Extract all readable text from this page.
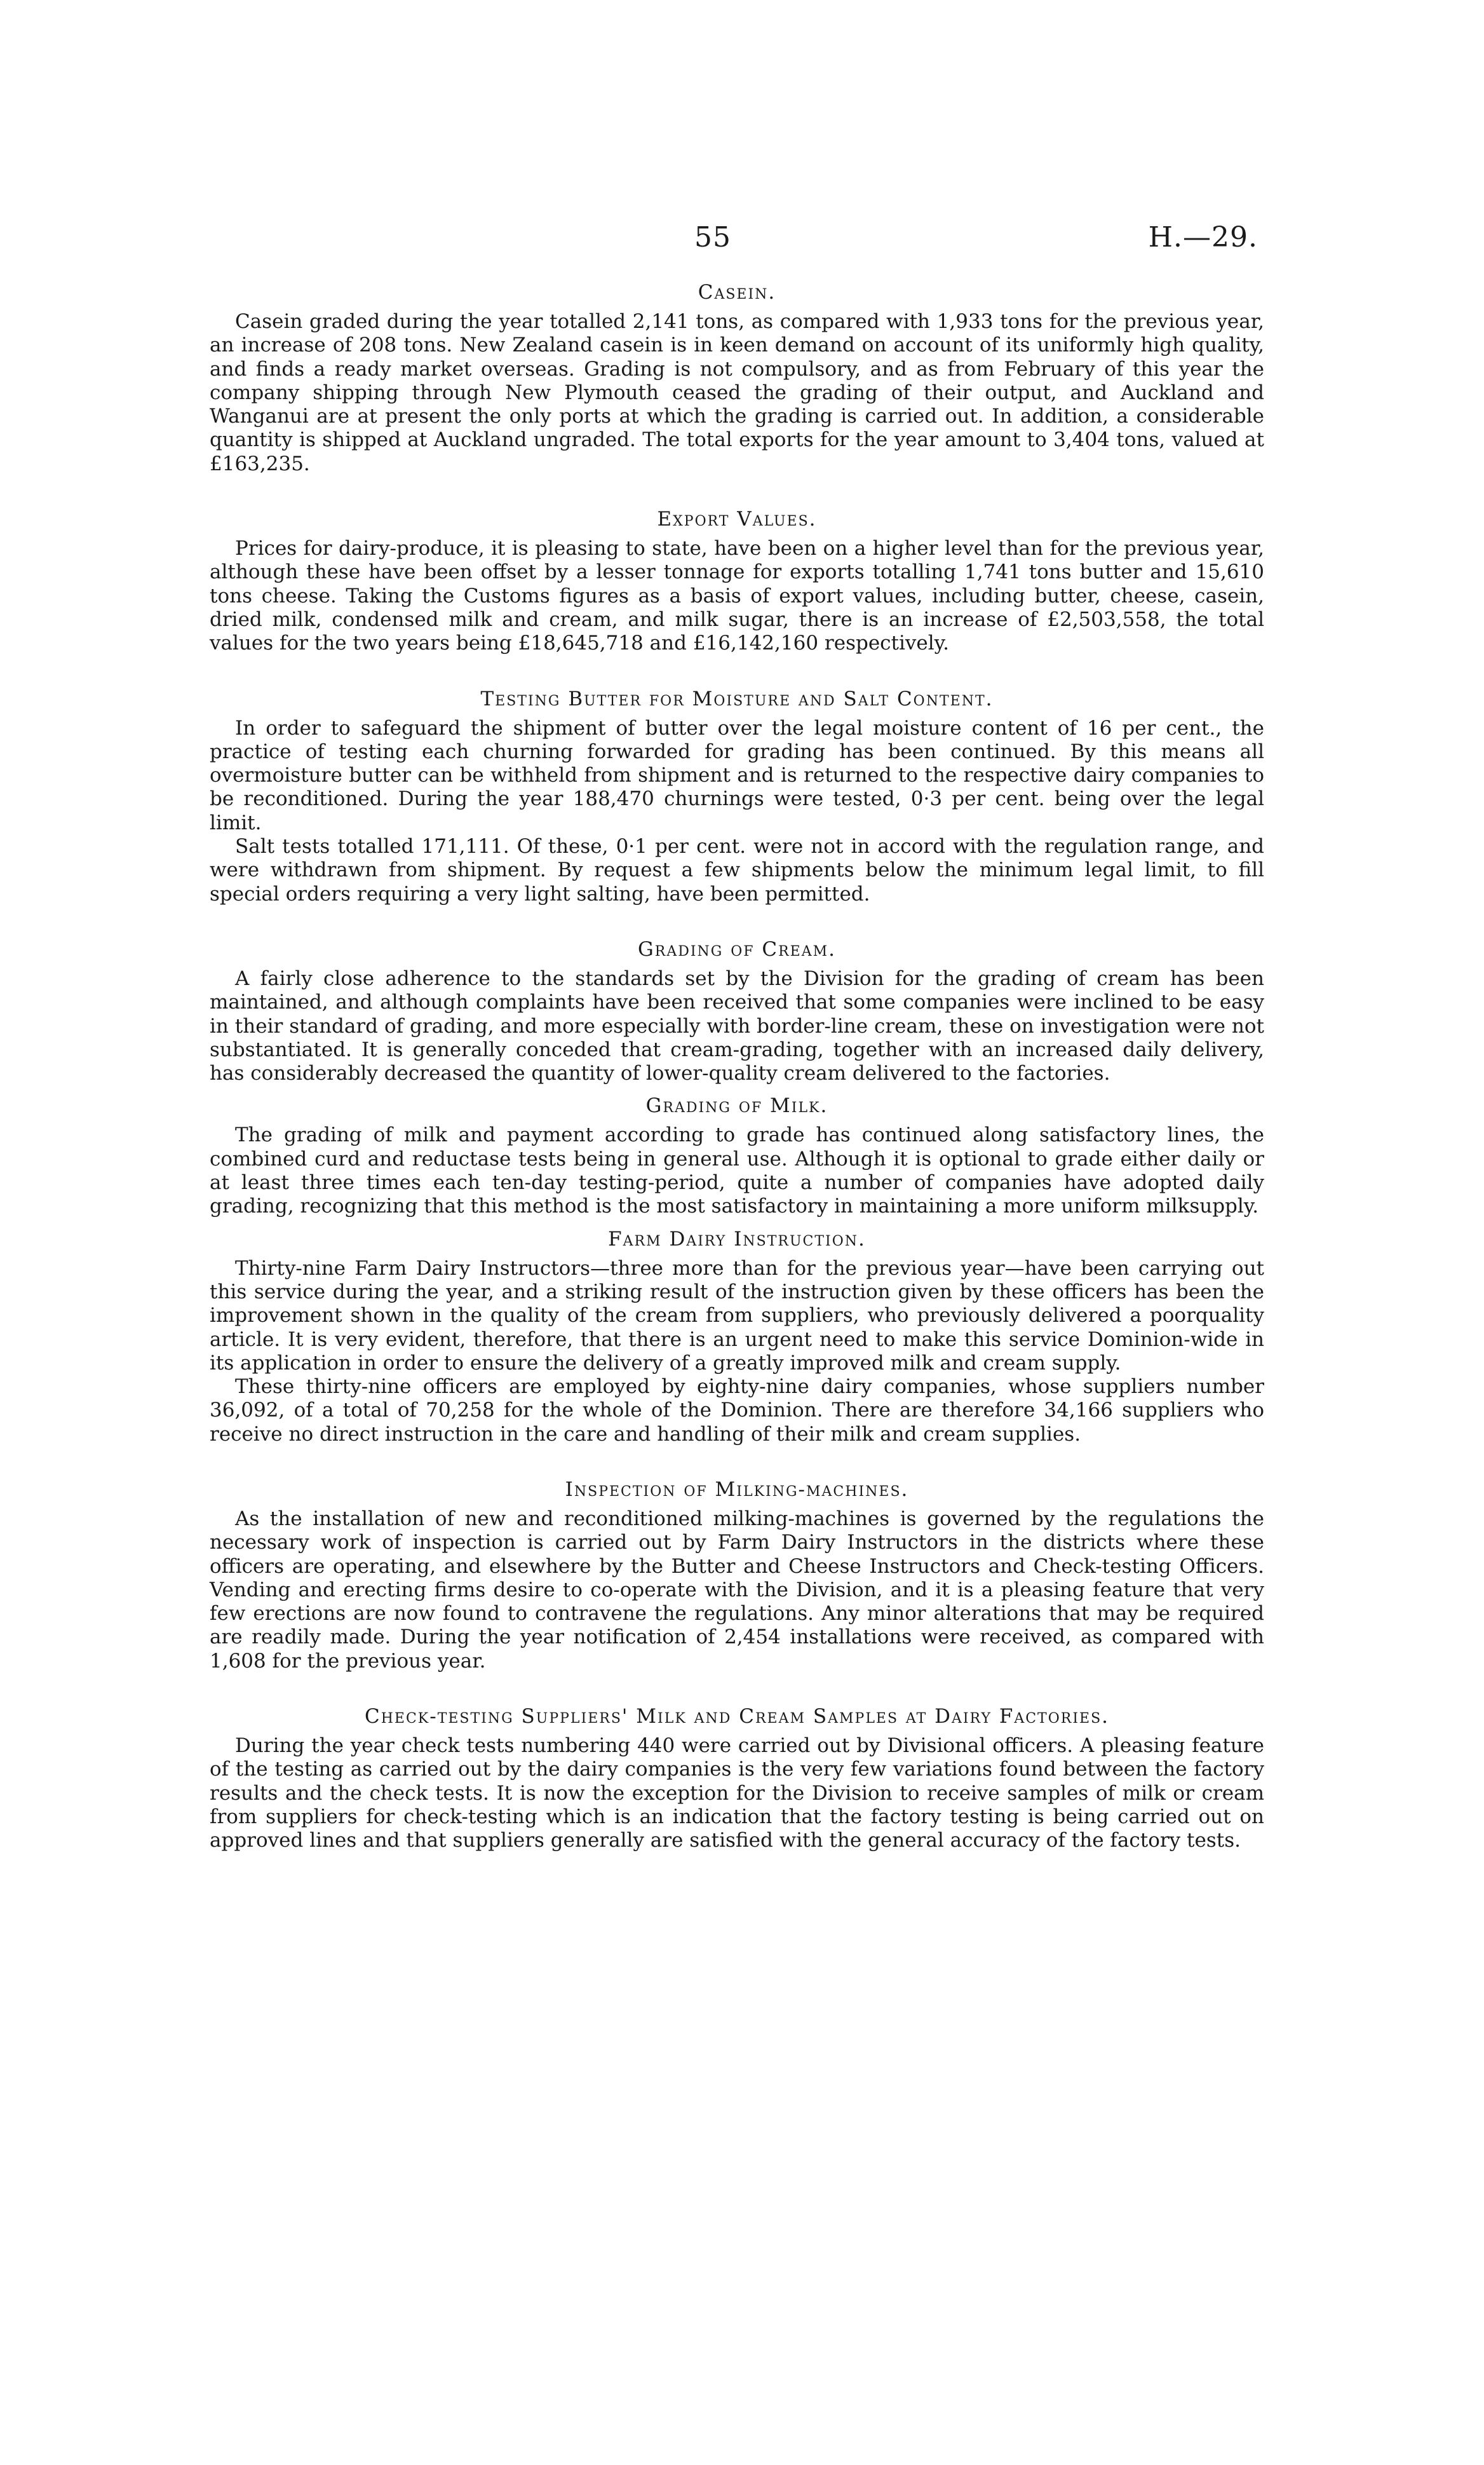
55	H.—29.
Casein.

Casein graded during the year totalled 2,141 tons, as compared with 1,933 tons for the previous year, an increase of 208 tons. New Zealand casein is in keen demand on account of its uniformly high quality, and finds a ready market overseas. Grading is not compulsory, and as from February of this year the company shipping through New Plymouth ceased the grading of their output, and Auckland and Wanganui are at present the only ports at which the grading is carried out. In addition, a considerable quantity is shipped at Auckland ungraded. The total exports for the year amount to 3,404 tons, valued at £163,235.

Export Values.

Prices for dairy-produce, it is pleasing to state, have been on a higher level than for the previous year, although these have been offset by a lesser tonnage for exports totalling 1,741 tons butter and 15,610 tons cheese. Taking the Customs figures as a basis of export values, including butter, cheese, casein, dried milk, condensed milk and cream, and milk sugar, there is an increase of £2,503,558, the total values for the two years being £18,645,718 and £16,142,160 respectively.

Testing Butter for Moisture and Salt Content.

In order to safeguard the shipment of butter over the legal moisture content of 16 per cent., the practice of testing each churning forwarded for grading has been continued. By this means all overmoisture butter can be withheld from shipment and is returned to the respective dairy companies to be reconditioned. During the year 188,470 churnings were tested, 0·3 per cent. being over the legal limit.

Salt tests totalled 171,111. Of these, 0·1 per cent. were not in accord with the regulation range, and were withdrawn from shipment. By request a few shipments below the minimum legal limit, to fill special orders requiring a very light salting, have been permitted.

Grading of Cream.

A fairly close adherence to the standards set by the Division for the grading of cream has been maintained, and although complaints have been received that some companies were inclined to be easy in their standard of grading, and more especially with border-line cream, these on investigation were not substantiated. It is generally conceded that cream-grading, together with an increased daily delivery, has considerably decreased the quantity of lower-quality cream delivered to the factories.

Grading of Milk.

The grading of milk and payment according to grade has continued along satisfactory lines, the combined curd and reductase tests being in general use. Although it is optional to grade either daily or at least three times each ten-day testing-period, quite a number of companies have adopted daily grading, recognizing that this method is the most satisfactory in maintaining a more uniform milksupply.

Farm Dairy Instruction.

Thirty-nine Farm Dairy Instructors—three more than for the previous year—have been carrying out this service during the year, and a striking result of the instruction given by these officers has been the improvement shown in the quality of the cream from suppliers, who previously delivered a poorquality article. It is very evident, therefore, that there is an urgent need to make this service Dominion-wide in its application in order to ensure the delivery of a greatly improved milk and cream supply.

These thirty-nine officers are employed by eighty-nine dairy companies, whose suppliers number 36,092, of a total of 70,258 for the whole of the Dominion. There are therefore 34,166 suppliers who receive no direct instruction in the care and handling of their milk and cream supplies.

Inspection of Milking-machines.

As the installation of new and reconditioned milking-machines is governed by the regulations the necessary work of inspection is carried out by Farm Dairy Instructors in the districts where these officers are operating, and elsewhere by the Butter and Cheese Instructors and Check-testing Officers. Vending and erecting firms desire to co-operate with the Division, and it is a pleasing feature that very few erections are now found to contravene the regulations. Any minor alterations that may be required are readily made. During the year notification of 2,454 installations were received, as compared with 1,608 for the previous year.

Check-testing Suppliers' Milk and Cream Samples at Dairy Factories.

During the year check tests numbering 440 were carried out by Divisional officers. A pleasing feature of the testing as carried out by the dairy companies is the very few variations found between the factory results and the check tests. It is now the exception for the Division to receive samples of milk or cream from suppliers for check-testing which is an indication that the factory testing is being carried out on approved lines and that suppliers generally are satisfied with the general accuracy of the factory tests.
